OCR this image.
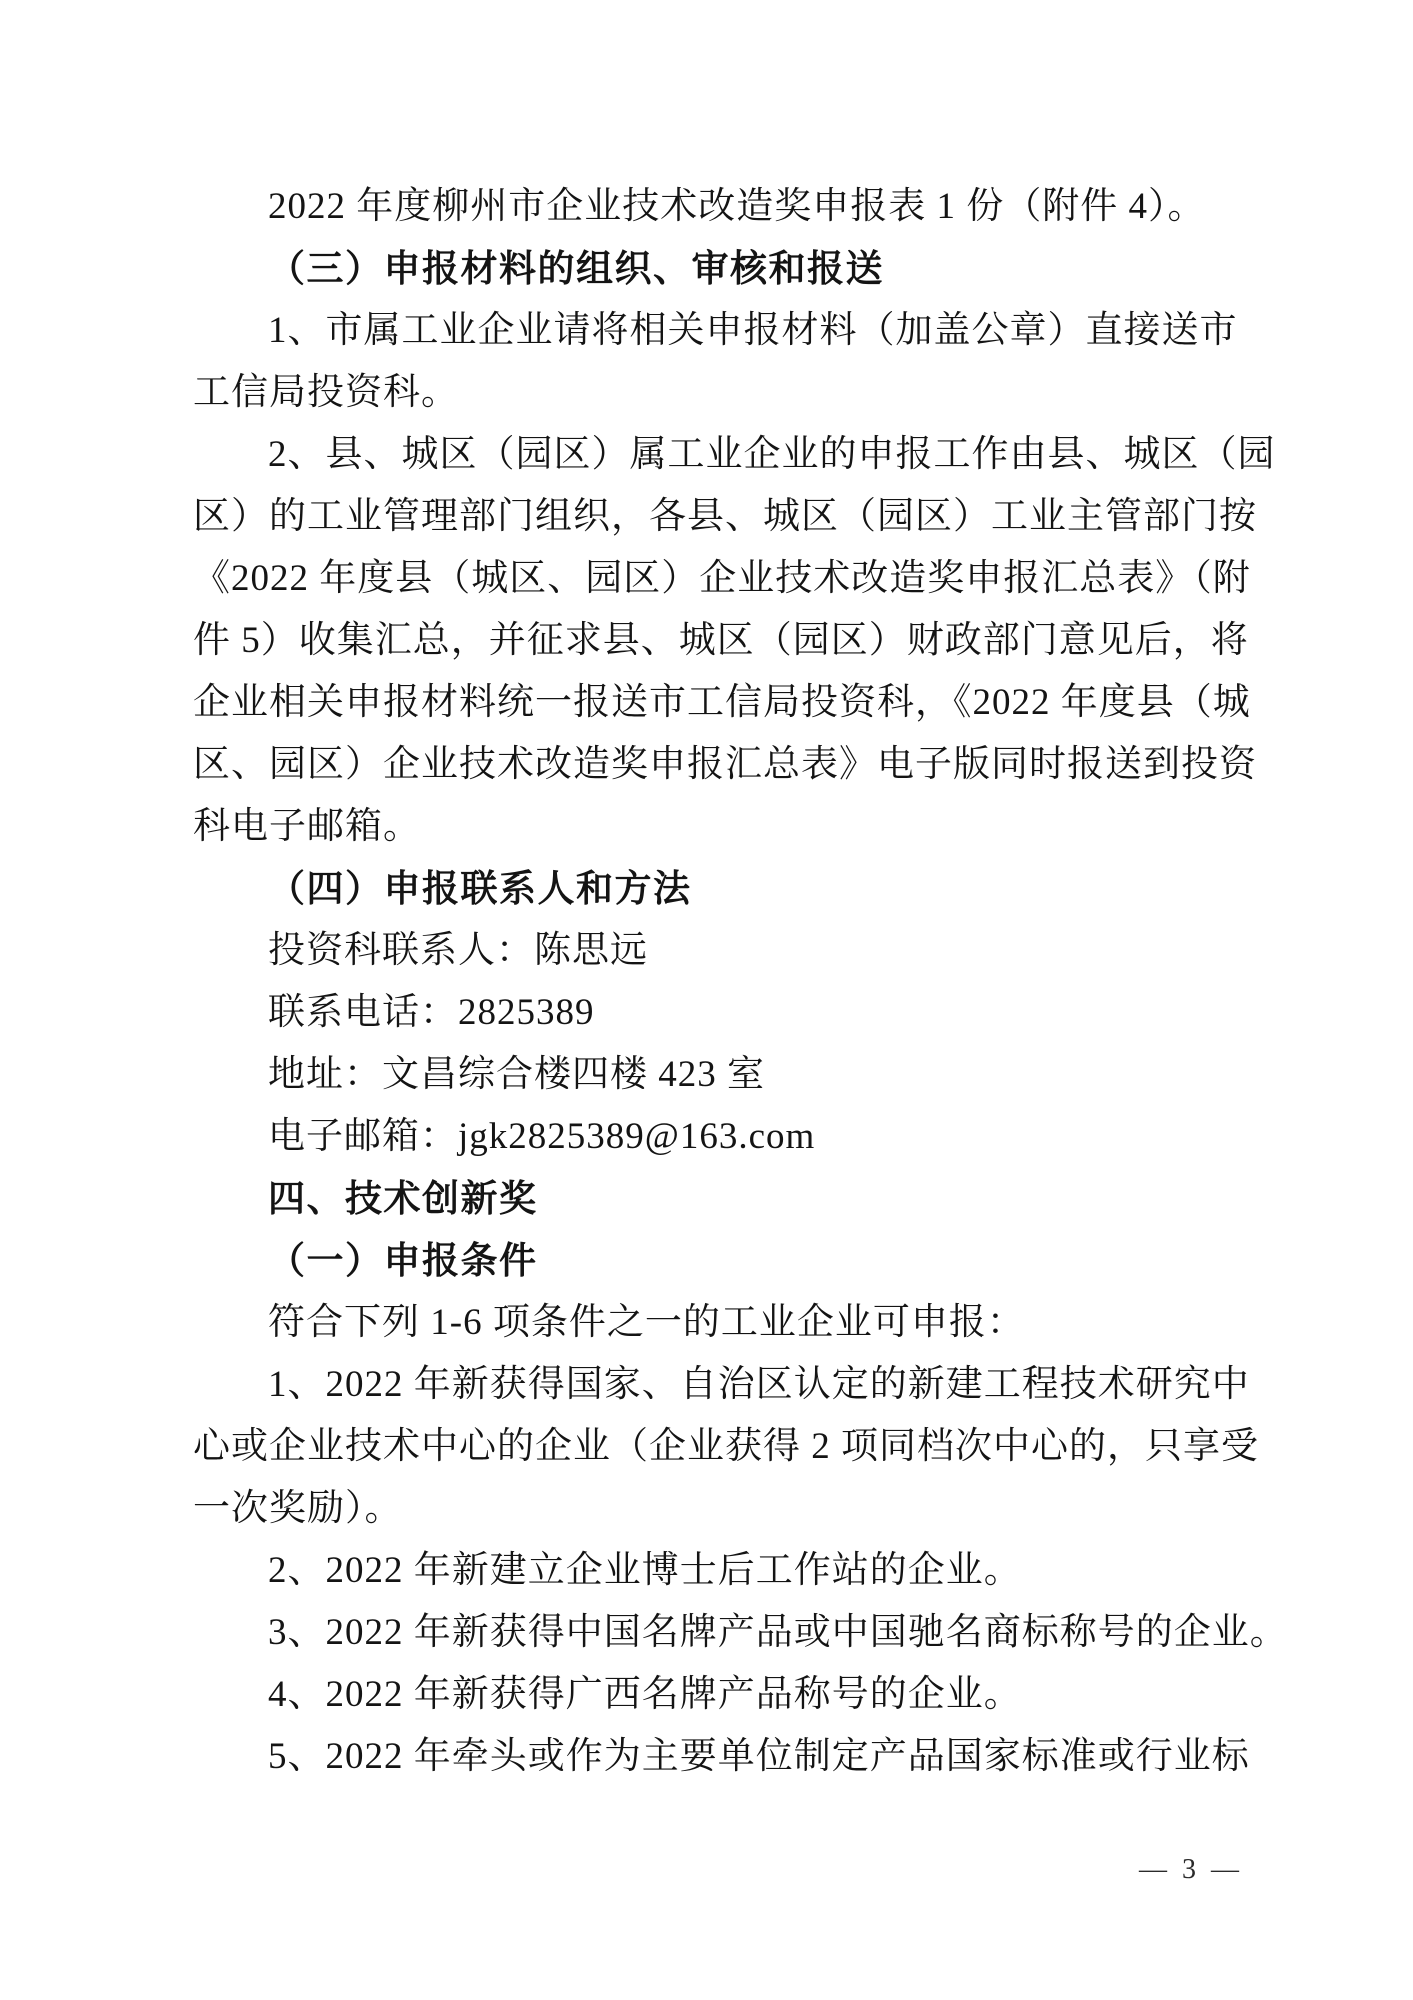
2022 年度柳州市企业技术改造奖申报表 1 份（附件 4）。
（三）申报材料的组织、审核和报送
1、市属工业企业请将相关申报材料（加盖公章）直接送市
工信局投资科。
2、县、城区（园区）属工业企业的申报工作由县、城区（园
区）的工业管理部门组织，各县、城区（园区）工业主管部门按
《2022 年度县（城区、园区）企业技术改造奖申报汇总表》（附
件 5）收集汇总，并征求县、城区（园区）财政部门意见后，将
企业相关申报材料统一报送市工信局投资科，《2022 年度县（城
区、园区）企业技术改造奖申报汇总表》电子版同时报送到投资
科电子邮箱。
（四）申报联系人和方法
投资科联系人：陈思远
联系电话：2825389
地址：文昌综合楼四楼 423 室
电子邮箱：jgk2825389@163.com
四、技术创新奖
（一）申报条件
符合下列 1-6 项条件之一的工业企业可申报：
1、2022 年新获得国家、自治区认定的新建工程技术研究中
心或企业技术中心的企业（企业获得 2 项同档次中心的，只享受
一次奖励）。
2、2022 年新建立企业博士后工作站的企业。
3、2022 年新获得中国名牌产品或中国驰名商标称号的企业。
4、2022 年新获得广西名牌产品称号的企业。
5、2022 年牵头或作为主要单位制定产品国家标准或行业标
— 3 —
